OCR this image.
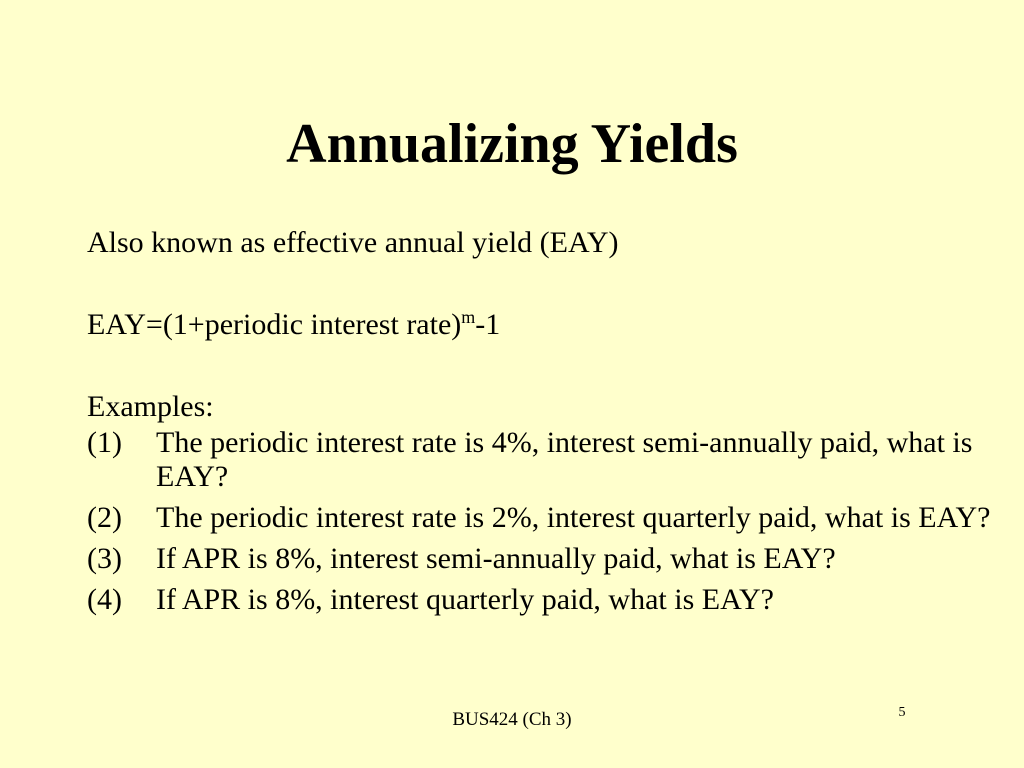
Annualizing Yields

Also known as effective annual yield (EAY)

EAY=(1+periodic interest rate)$^m$-1

Examples:

(1)	The periodic interest rate is 4%, interest semi-annually paid, what is EAY?
(2)	The periodic interest rate is 2%, interest quarterly paid, what is EAY?
(3)	If APR is 8%, interest semi-annually paid, what is EAY?
(4)	If APR is 8%, interest quarterly paid, what is EAY?
BUS424 (Ch 3)	5
